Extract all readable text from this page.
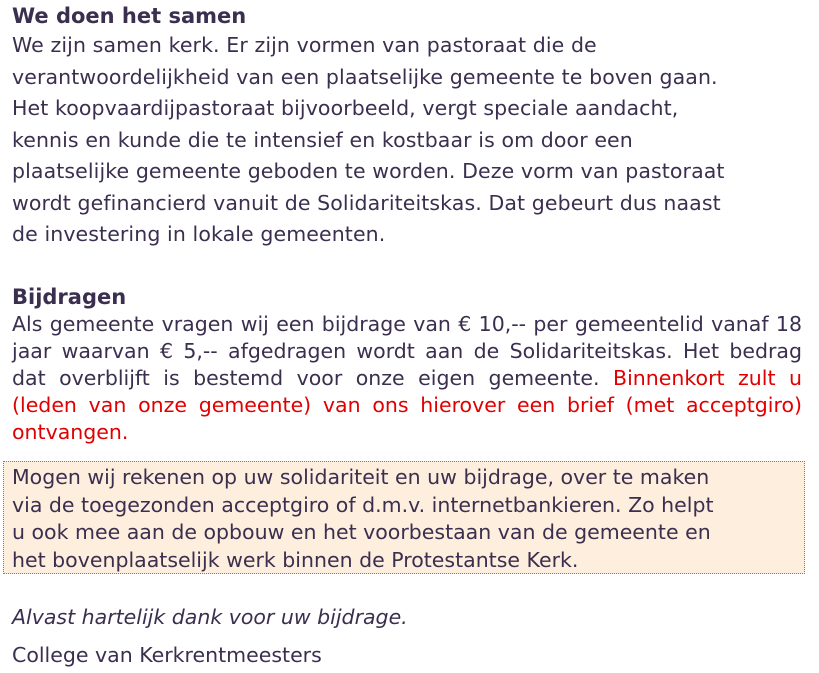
We doen het samen
We zijn samen kerk. Er zijn vormen van pastoraat die de
verantwoordelijkheid van een plaatselijke gemeente te boven gaan.
Het koopvaardijpastoraat bijvoorbeeld, vergt speciale aandacht,
kennis en kunde die te intensief en kostbaar is om door een
plaatselijke gemeente geboden te worden. Deze vorm van pastoraat
wordt gefinancierd vanuit de Solidariteitskas. Dat gebeurt dus naast
de investering in lokale gemeenten.
Bijdragen

Als gemeente vragen wij een bijdrage van € 10,-- per gemeentelid vanaf 18 jaar waarvan € 5,-- afgedragen wordt aan de Solidariteitskas. Het bedrag dat overblijft is bestemd voor onze eigen gemeente. Binnenkort zult u (leden van onze gemeente) van ons hierover een brief (met acceptgiro) ontvangen.

Mogen wij rekenen op uw solidariteit en uw bijdrage, over te maken

via de toegezonden acceptgiro of d.m.v. internetbankieren. Zo helpt

u ook mee aan de opbouw en het voorbestaan van de gemeente en

het bovenplaatselijk werk binnen de Protestantse Kerk.

Alvast hartelijk dank voor uw bijdrage.

College van Kerkrentmeesters
